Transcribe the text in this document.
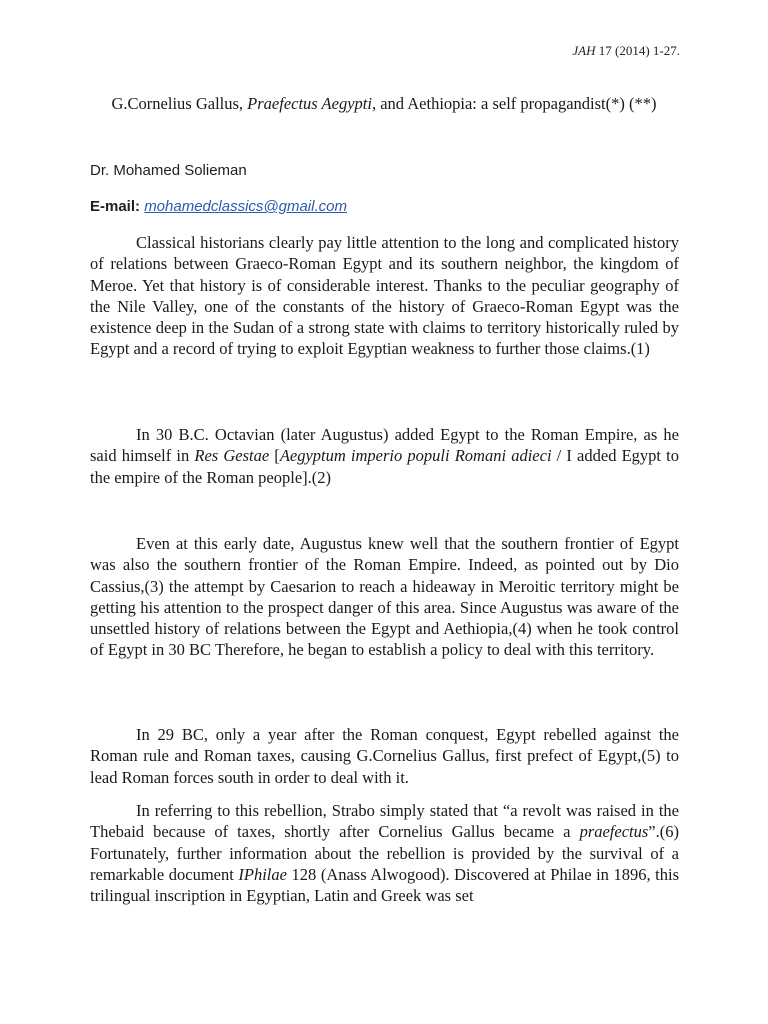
JAH 17 (2014) 1-27.
G.Cornelius Gallus, Praefectus Aegypti, and Aethiopia: a self propagandist(*) (**)
Dr. Mohamed Solieman
E-mail: mohamedclassics@gmail.com

Classical historians clearly pay little attention to the long and complicated history of relations between Graeco-Roman Egypt and its southern neighbor, the kingdom of Meroe. Yet that history is of considerable interest. Thanks to the peculiar geography of the Nile Valley, one of the constants of the history of Graeco-Roman Egypt was the existence deep in the Sudan of a strong state with claims to territory historically ruled by Egypt and a record of trying to exploit Egyptian weakness to further those claims.(1)

In 30 B.C. Octavian (later Augustus) added Egypt to the Roman Empire, as he said himself in Res Gestae [Aegyptum imperio populi Romani adieci / I added Egypt to the empire of the Roman people].(2)

Even at this early date, Augustus knew well that the southern frontier of Egypt was also the southern frontier of the Roman Empire. Indeed, as pointed out by Dio Cassius,(3) the attempt by Caesarion to reach a hideaway in Meroitic territory might be getting his attention to the prospect danger of this area. Since Augustus was aware of the unsettled history of relations between the Egypt and Aethiopia,(4) when he took control of Egypt in 30 BC Therefore, he began to establish a policy to deal with this territory.

In 29 BC, only a year after the Roman conquest, Egypt rebelled against the Roman rule and Roman taxes, causing G.Cornelius Gallus, first prefect of Egypt,(5) to lead Roman forces south in order to deal with it.

In referring to this rebellion, Strabo simply stated that “a revolt was raised in the Thebaid because of taxes, shortly after Cornelius Gallus became a praefectus”.(6) Fortunately, further information about the rebellion is provided by the survival of a remarkable document IPhilae 128 (Anass Alwogood). Discovered at Philae in 1896, this trilingual inscription in Egyptian, Latin and Greek was set
